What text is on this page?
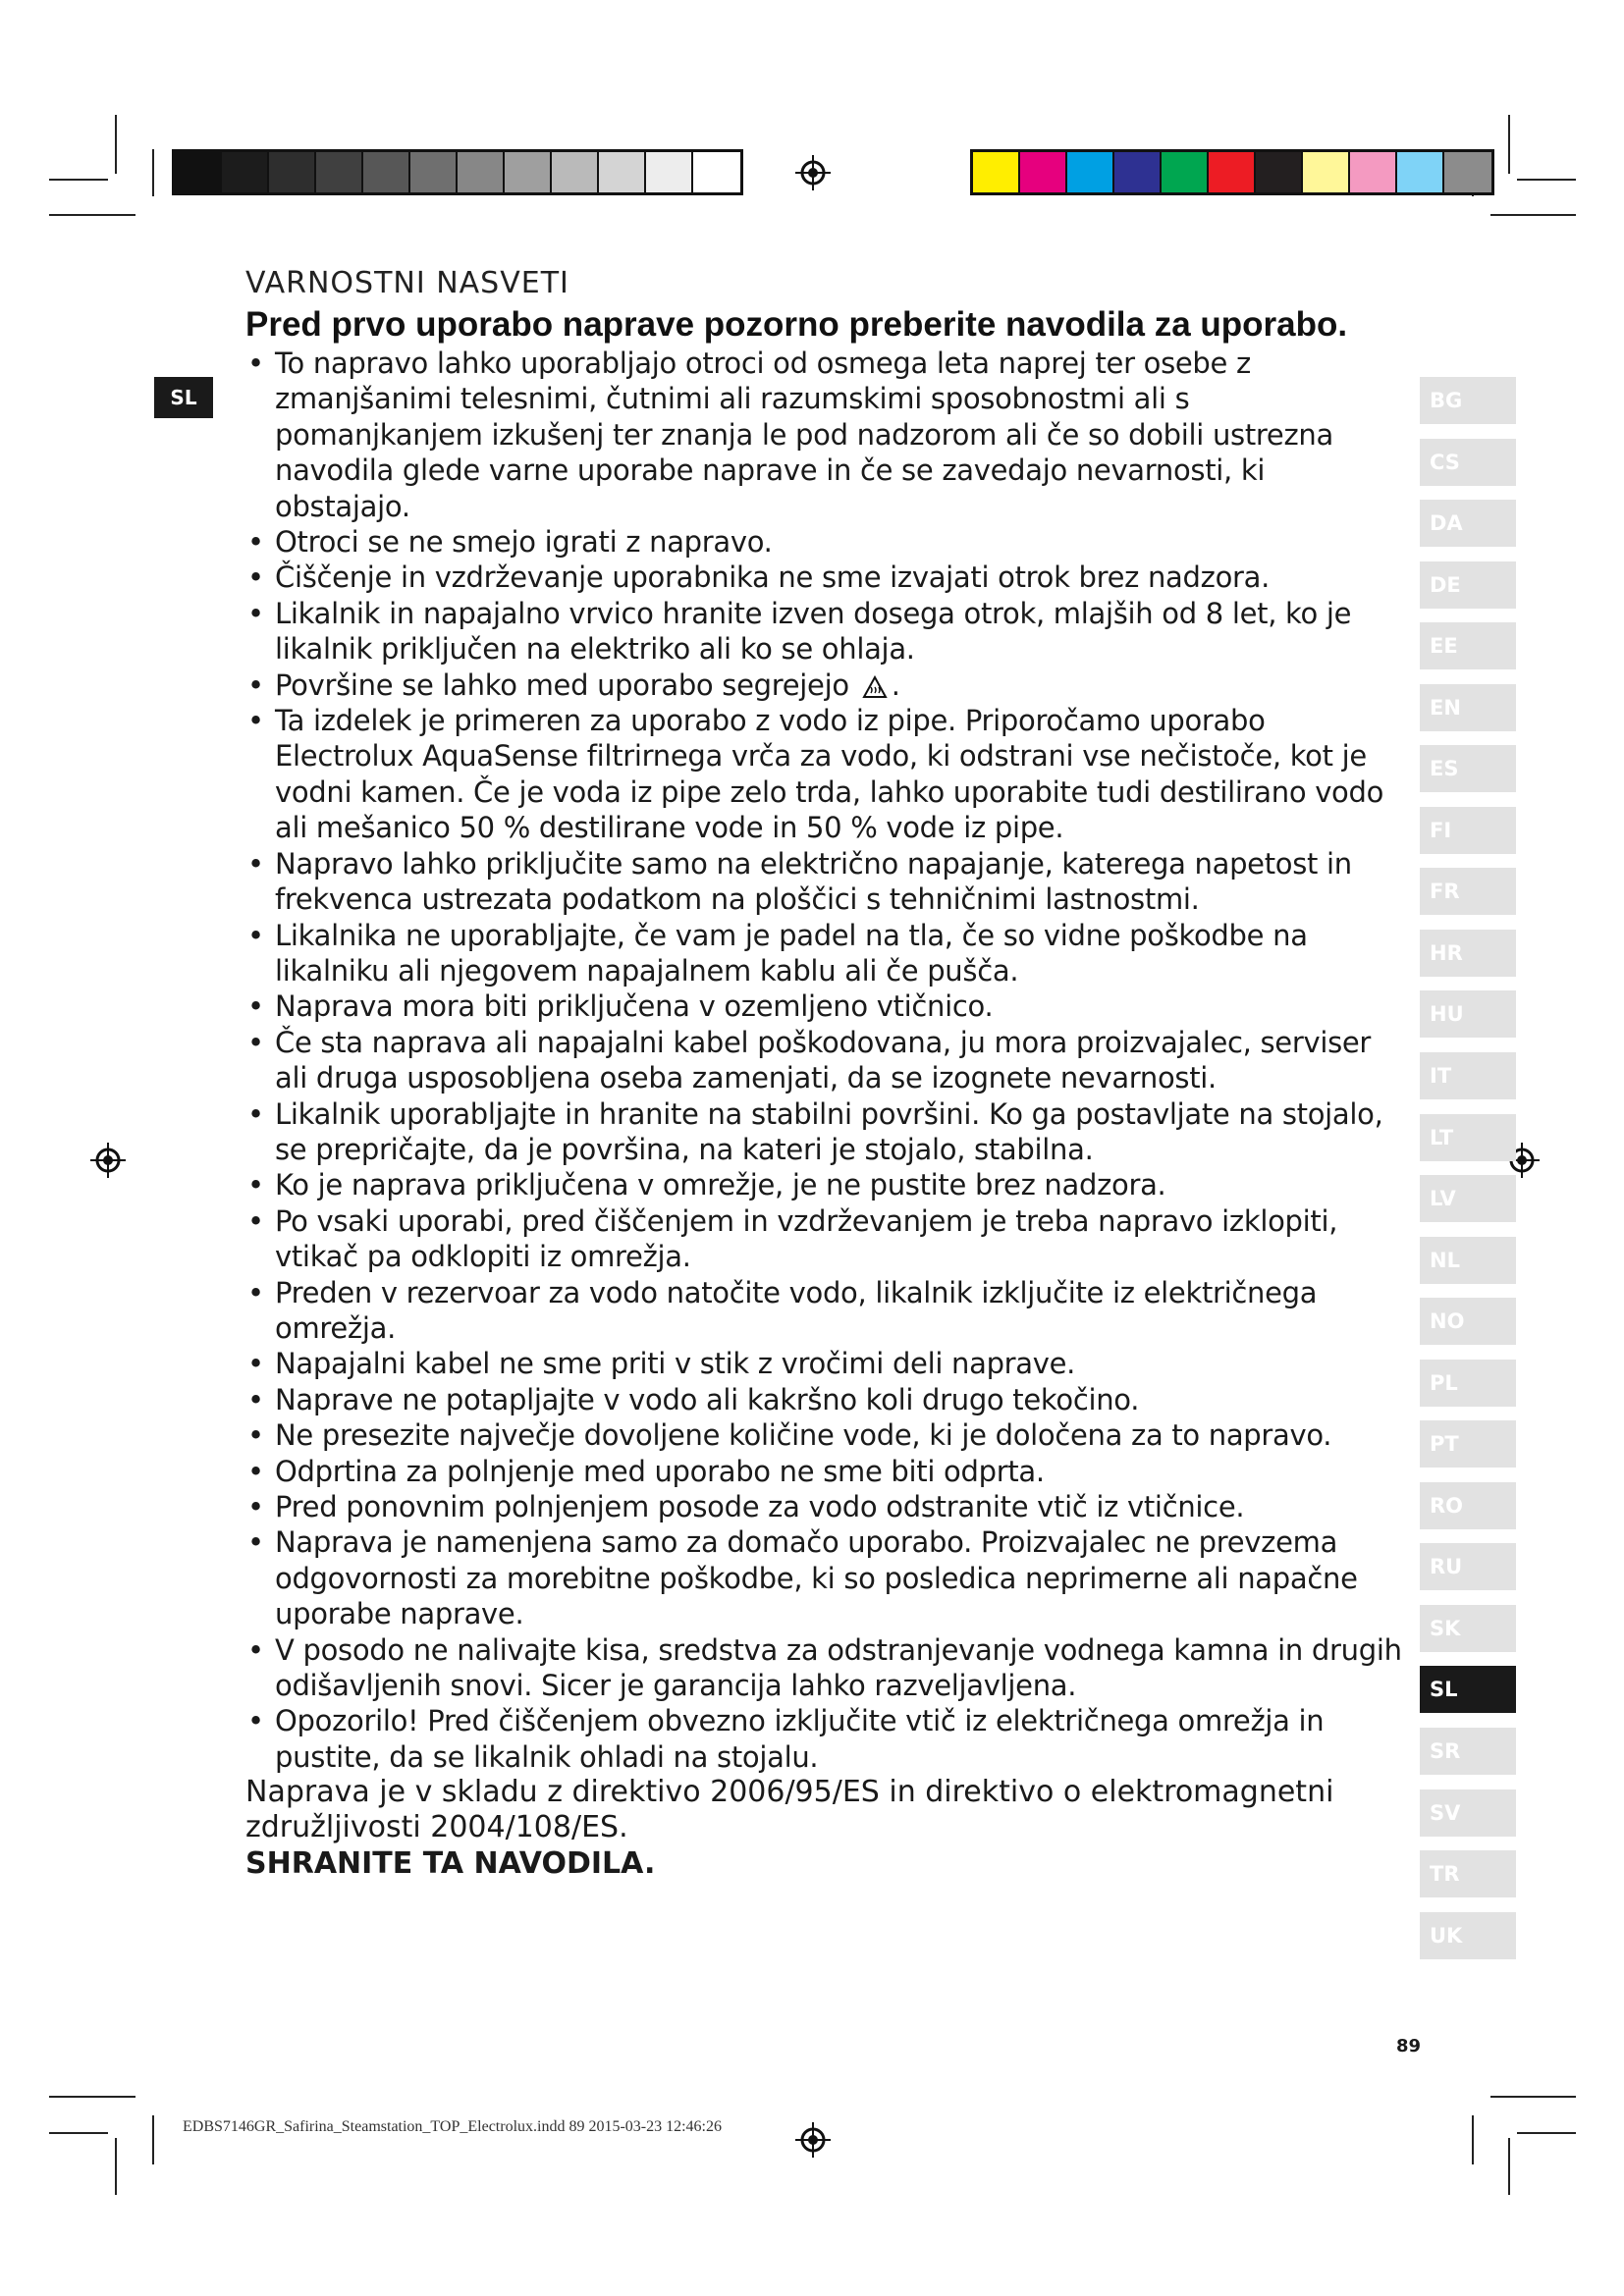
SL
VARNOSTNI NASVETI
Pred prvo uporabo naprave pozorno preberite navodila za uporabo.
• To napravo lahko uporabljajo otroci od osmega leta naprej ter osebe z zmanjšanimi telesnimi, čutnimi ali razumskimi sposobnostmi ali s pomanjkanjem izkušenj ter znanja le pod nadzorom ali če so dobili ustrezna navodila glede varne uporabe naprave in če se zavedajo nevarnosti, ki obstajajo.
• Otroci se ne smejo igrati z napravo.
• Čiščenje in vzdrževanje uporabnika ne sme izvajati otrok brez nadzora.
• Likalnik in napajalno vrvico hranite izven dosega otrok, mlajših od 8 let, ko je likalnik priključen na elektriko ali ko se ohlaja.
• Površine se lahko med uporabo segrejejo .
• Ta izdelek je primeren za uporabo z vodo iz pipe. Priporočamo uporabo Electrolux AquaSense filtrirnega vrča za vodo, ki odstrani vse nečistoče, kot je vodni kamen. Če je voda iz pipe zelo trda, lahko uporabite tudi destilirano vodo ali mešanico 50 % destilirane vode in 50 % vode iz pipe.
• Napravo lahko priključite samo na električno napajanje, katerega napetost in frekvenca ustrezata podatkom na ploščici s tehničnimi lastnostmi.
• Likalnika ne uporabljajte, če vam je padel na tla, če so vidne poškodbe na likalniku ali njegovem napajalnem kablu ali če pušča.
• Naprava mora biti priključena v ozemljeno vtičnico.
• Če sta naprava ali napajalni kabel poškodovana, ju mora proizvajalec, serviser ali druga usposobljena oseba zamenjati, da se izognete nevarnosti.
• Likalnik uporabljajte in hranite na stabilni površini. Ko ga postavljate na stojalo, se prepričajte, da je površina, na kateri je stojalo, stabilna.
• Ko je naprava priključena v omrežje, je ne pustite brez nadzora.
• Po vsaki uporabi, pred čiščenjem in vzdrževanjem je treba napravo izklopiti, vtikač pa odklopiti iz omrežja.
• Preden v rezervoar za vodo natočite vodo, likalnik izključite iz električnega omrežja.
• Napajalni kabel ne sme priti v stik z vročimi deli naprave.
• Naprave ne potapljajte v vodo ali kakršno koli drugo tekočino.
• Ne presezite največje dovoljene količine vode, ki je določena za to napravo.
• Odprtina za polnjenje med uporabo ne sme biti odprta.
• Pred ponovnim polnjenjem posode za vodo odstranite vtič iz vtičnice.
• Naprava je namenjena samo za domačo uporabo. Proizvajalec ne prevzema odgovornosti za morebitne poškodbe, ki so posledica neprimerne ali napačne uporabe naprave.
• V posodo ne nalivajte kisa, sredstva za odstranjevanje vodnega kamna in drugih odišavljenih snovi. Sicer je garancija lahko razveljavljena.
• Opozorilo! Pred čiščenjem obvezno izključite vtič iz električnega omrežja in pustite, da se likalnik ohladi na stojalu.
Naprava je v skladu z direktivo 2006/95/ES in direktivo o elektromagnetni združljivosti 2004/108/ES.
SHRANITE TA NAVODILA.
BG
CS
DA
DE
EE
EN
ES
FI
FR
HR
HU
IT
LT
LV
NL
NO
PL
PT
RO
RU
SK
SL
SR
SV
TR
UK
89
EDBS7146GR_Safirina_Steamstation_TOP_Electrolux.indd 89 2015-03-23 12:46:26
